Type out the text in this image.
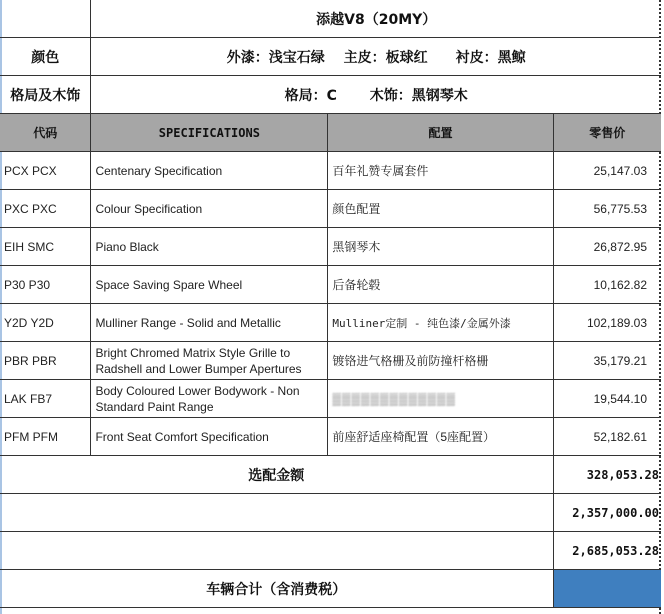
	添越V8（20MY）		
颜色	外漆：浅宝石绿　 主皮：板球红　　衬皮：黑鲸		
格局及木饰	格局：C　　 木饰：黑钢琴木		
代码	SPECIFICATIONS	配置	零售价
PCX PCX	Centenary Specification	百年礼赞专属套件	25,147.03
PXC PXC	Colour Specification	颜色配置	56,775.53
EIH SMC	Piano Black	黑钢琴木	26,872.95
P30 P30	Space Saving Spare Wheel	后备轮毂	10,162.82
Y2D Y2D	Mulliner Range - Solid and Metallic	Mulliner定制 - 纯色漆/金属外漆	102,189.03
PBR PBR	Bright Chromed Matrix Style Grille to Radshell and Lower Bumper Apertures	镀铬进气格栅及前防撞杆格栅	35,179.21
LAK FB7	Body Coloured Lower Bodywork - Non Standard Paint Range	▒▒▒▒▒▒▒▒▒▒▒▒▒	19,544.10
PFM PFM	Front Seat Comfort Specification	前座舒适座椅配置（5座配置）	52,182.61
选配金额			328,053.28
			2,357,000.00
			2,685,053.28
车辆合计（含消费税）			
